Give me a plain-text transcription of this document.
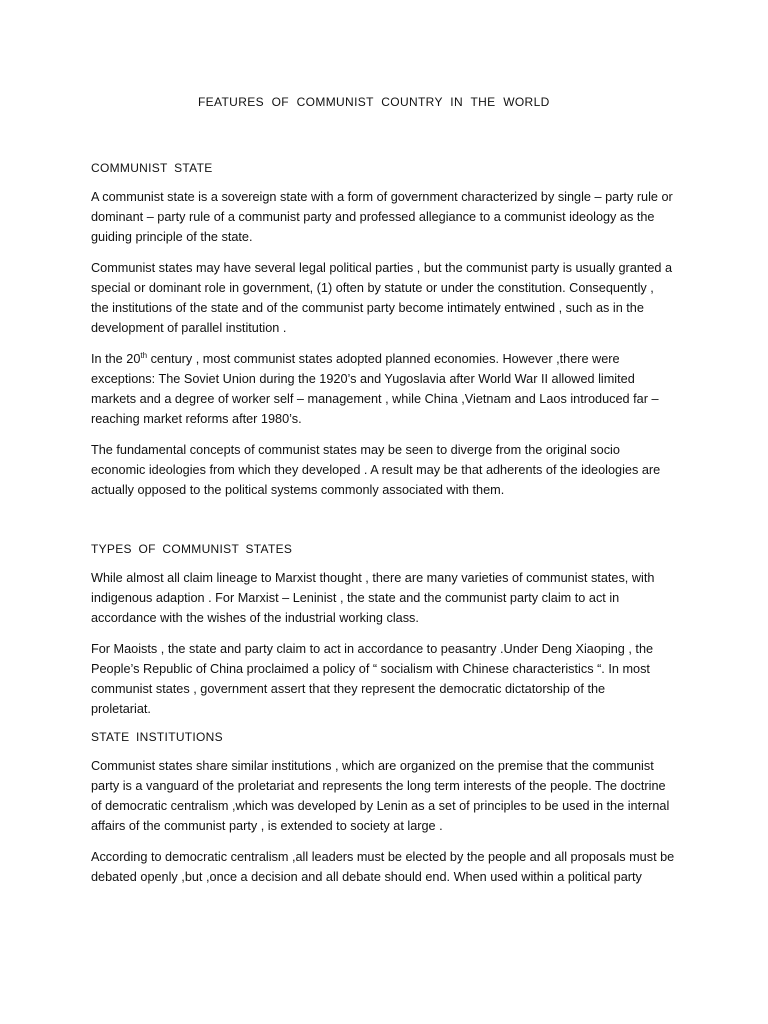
FEATURES OF COMMUNIST COUNTRY IN THE WORLD
COMMUNIST STATE

A communist state is a sovereign state with a form of government characterized by single – party rule or
dominant – party rule of a communist party and professed allegiance to a communist ideology as the
guiding principle of the state.

Communist states may have several legal political parties , but the communist party is usually granted a
special or dominant role in government, (1) often by statute or under the constitution. Consequently ,
the institutions of the state and of the communist party become intimately entwined , such as in the
development of parallel institution .

In the 20th century , most communist states adopted planned economies. However ,there were
exceptions: The Soviet Union during the 1920’s and Yugoslavia after World War II allowed limited
markets and a degree of worker self – management , while China ,Vietnam and Laos introduced far –
reaching market reforms after 1980’s.

The fundamental concepts of communist states may be seen to diverge from the original socio
economic ideologies from which they developed . A result may be that adherents of the ideologies are
actually opposed to the political systems commonly associated with them.

TYPES OF COMMUNIST STATES

While almost all claim lineage to Marxist thought , there are many varieties of communist states, with
indigenous adaption . For Marxist – Leninist , the state and the communist party claim to act in
accordance with the wishes of the industrial working class.

For Maoists , the state and party claim to act in accordance to peasantry .Under Deng Xiaoping , the
People’s Republic of China proclaimed a policy of “ socialism with Chinese characteristics “. In most
communist states , government assert that they represent the democratic dictatorship of the
proletariat.

STATE INSTITUTIONS

Communist states share similar institutions , which are organized on the premise that the communist
party is a vanguard of the proletariat and represents the long term interests of the people. The doctrine
of democratic centralism ,which was developed by Lenin as a set of principles to be used in the internal
affairs of the communist party , is extended to society at large .

According to democratic centralism ,all leaders must be elected by the people and all proposals must be
debated openly ,but ,once a decision and all debate should end. When used within a political party
